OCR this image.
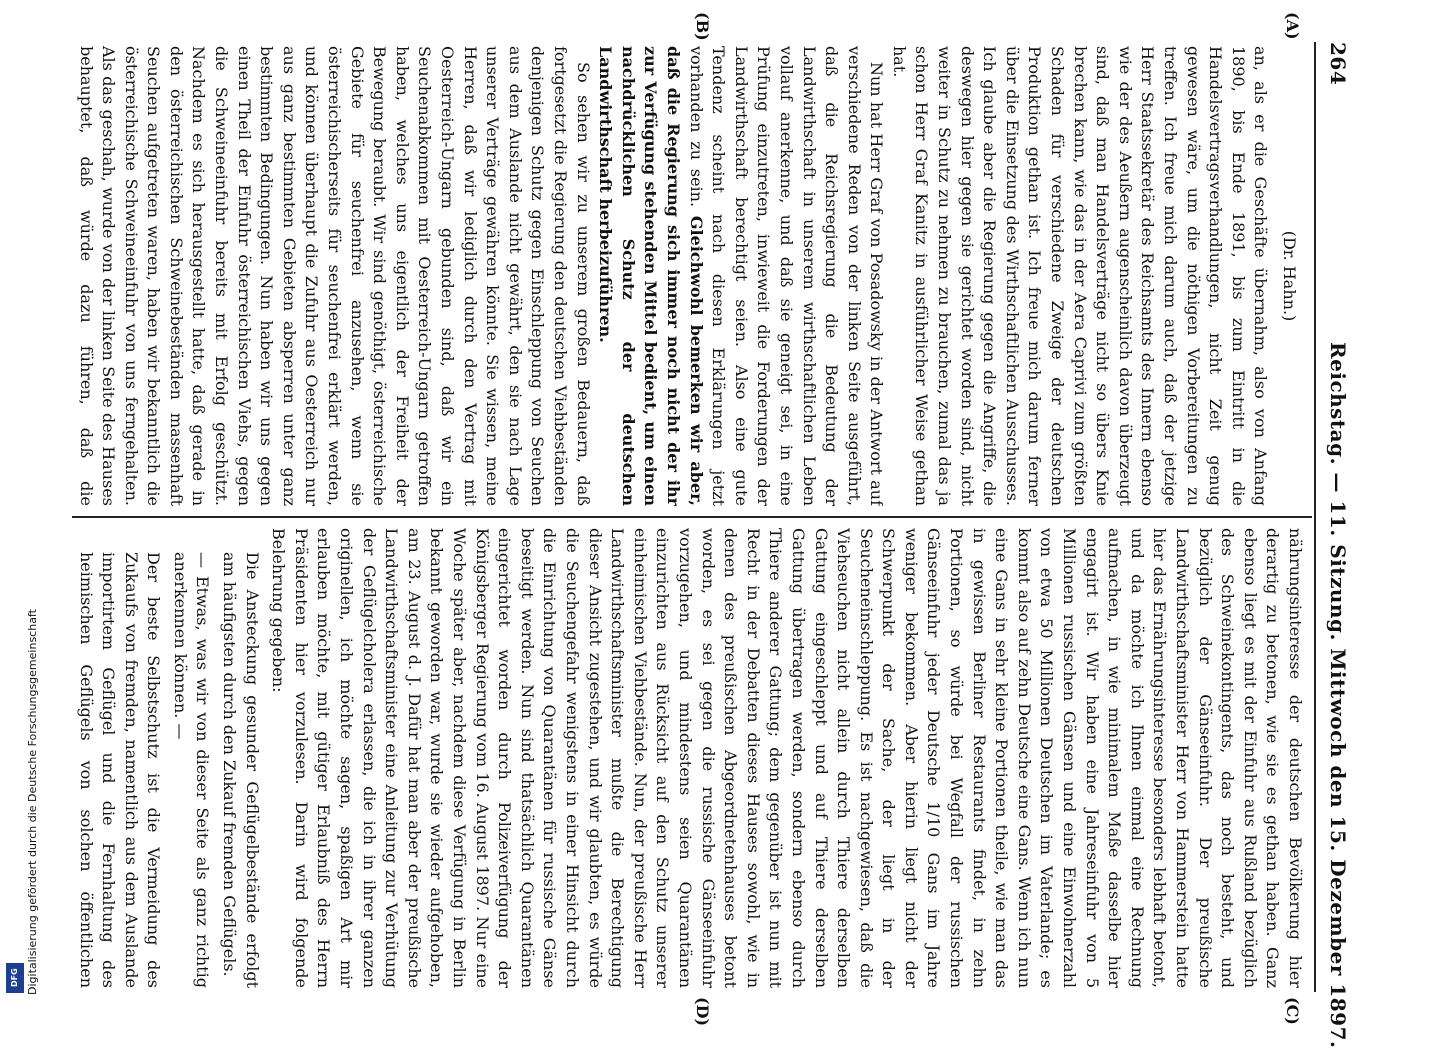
Digitalisierung gefördert durch die Deutsche Forschungsgemeinschaft
DFG
264
Reichstag. — 11. Sitzung. Mittwoch den 15. Dezember 1897.
(A)
(B)
(C)
(D)

(Dr. Hahn.)

an, als er die Geschäfte übernahm, also von Anfang 1890, bis Ende 1891, bis zum Eintritt in die Handelsvertragsverhandlungen, nicht Zeit genug gewesen wäre, um die nöthigen Vorbereitungen zu treffen. Ich freue mich darum auch, daß der jetzige Herr Staatssekretär des Reichsamts des Innern ebenso wie der des Aeußern augenscheinlich davon überzeugt sind, daß man Handelsverträge nicht so übers Knie brechen kann, wie das in der Aera Caprivi zum größten Schaden für verschiedene Zweige der deutschen Produktion gethan ist. Ich freue mich darum ferner über die Einsetzung des Wirthschaftlichen Ausschusses. Ich glaube aber die Regierung gegen die Angriffe, die deswegen hier gegen sie gerichtet worden sind, nicht weiter in Schutz zu nehmen zu brauchen, zumal das ja schon Herr Graf Kanitz in ausführlicher Weise gethan hat.

Nun hat Herr Graf von Posadowsky in der Antwort auf verschiedene Reden von der linken Seite ausgeführt, daß die Reichsregierung die Bedeutung der Landwirthschaft in unserem wirthschaftlichen Leben vollauf anerkenne, und daß sie geneigt sei, in eine Prüfung einzutreten, inwieweit die Forderungen der Landwirthschaft berechtigt seien. Also eine gute Tendenz scheint nach diesen Erklärungen jetzt vorhanden zu sein. Gleichwohl bemerken wir aber, daß die Regierung sich immer noch nicht der ihr zur Verfügung stehenden Mittel bedient, um einen nachdrücklichen Schutz der deutschen Landwirthschaft herbeizuführen.

So sehen wir zu unserem großen Bedauern, daß fortgesetzt die Regierung den deutschen Viehbeständen denjenigen Schutz gegen Einschleppung von Seuchen aus dem Auslande nicht gewährt, den sie nach Lage unserer Verträge gewähren könnte. Sie wissen, meine Herren, daß wir lediglich durch den Vertrag mit Oesterreich-Ungarn gebunden sind, daß wir ein Seuchenabkommen mit Oesterreich-Ungarn getroffen haben, welches uns eigentlich der Freiheit der Bewegung beraubt. Wir sind genöthigt, österreichische Gebiete für seuchenfrei anzusehen, wenn sie österreichischerseits für seuchenfrei erklärt werden, und können überhaupt die Zufuhr aus Oesterreich nur aus ganz bestimmten Gebieten absperren unter ganz bestimmten Bedingungen. Nun haben wir uns gegen einen Theil der Einfuhr österreichischen Viehs, gegen die Schweineeinfuhr bereits mit Erfolg geschützt. Nachdem es sich herausgestellt hatte, daß gerade in den österreichischen Schweinebeständen massenhaft Seuchen aufgetreten waren, haben wir bekanntlich die österreichische Schweineeinfuhr von uns ferngehalten. Als das geschah, wurde von der linken Seite des Hauses behauptet, daß würde dazu führen, daß die

nährungsinteresse der deutschen Bevölkerung hier derartig zu betonen, wie sie es gethan haben. Ganz ebenso liegt es mit der Einfuhr aus Rußland bezüglich des Schweinekontingents, das noch besteht, und bezüglich der Gänseeinfuhr. Der preußische Landwirthschaftsminister Herr von Hammerstein hatte hier das Ernährungsinteresse besonders lebhaft betont, und da möchte ich Ihnen einmal eine Rechnung aufmachen, in wie minimalem Maße dasselbe hier engagirt ist. Wir haben eine Jahreseinfuhr von 5 Millionen russischen Gänsen und eine Einwohnerzahl von etwa 50 Millionen Deutschen im Vaterlande; es kommt also auf zehn Deutsche eine Gans. Wenn ich nun eine Gans in sehr kleine Portionen theile, wie man das in gewissen Berliner Restaurants findet, in zehn Portionen, so würde bei Wegfall der russischen Gänseeinfuhr jeder Deutsche 1/10 Gans im Jahre weniger bekommen. Aber hierin liegt nicht der Schwerpunkt der Sache, der liegt in der Seucheneinschleppung. Es ist nachgewiesen, daß die Viehseuchen nicht allein durch Thiere derselben Gattung eingeschleppt und auf Thiere derselben Gattung übertragen werden, sondern ebenso durch Thiere anderer Gattung; dem gegenüber ist nun mit Recht in der Debatten dieses Hauses sowohl, wie in denen des preußischen Abgeordnetenhauses betont worden, es sei gegen die russische Gänseeinfuhr vorzugehen, und mindestens seien Quarantänen einzurichten aus Rücksicht auf den Schutz unserer einheimischen Viehbestände. Nun, der preußische Herr Landwirthschaftsminister mußte die Berechtigung dieser Ansicht zugestehen, und wir glaubten, es würde die Seuchengefahr wenigstens in einer Hinsicht durch die Einrichtung von Quarantänen für russische Gänse beseitigt werden. Nun sind thatsächlich Quarantänen eingerichtet worden durch Polizeiverfügung der Königsberger Regierung vom 16. August 1897. Nur eine Woche später aber, nachdem diese Verfügung in Berlin bekannt geworden war, wurde sie wieder aufgehoben, am 23. August d. J. Dafür hat man aber der preußische Landwirthschaftsminister eine Anleitung zur Verhütung der Geflügelcholera erlassen, die ich in ihrer ganzen originellen, ich möchte sagen, spaßigen Art mir erlauben möchte, mit gütiger Erlaubniß des Herrn Präsidenten hier vorzulesen. Darin wird folgende Belehrung gegeben:

Die Ansteckung gesunder Geflügelbestände erfolgt am häufigsten durch den Zukauf fremden Geflügels.

— Etwas, was wir von dieser Seite als ganz richtig anerkennen können. —

Der beste Selbstschutz ist die Vermeidung des Zukaufs von fremden, namentlich aus dem Auslande importirtem Geflügel und die Fernhaltung des heimischen Geflügels von solchen öffentlichen
